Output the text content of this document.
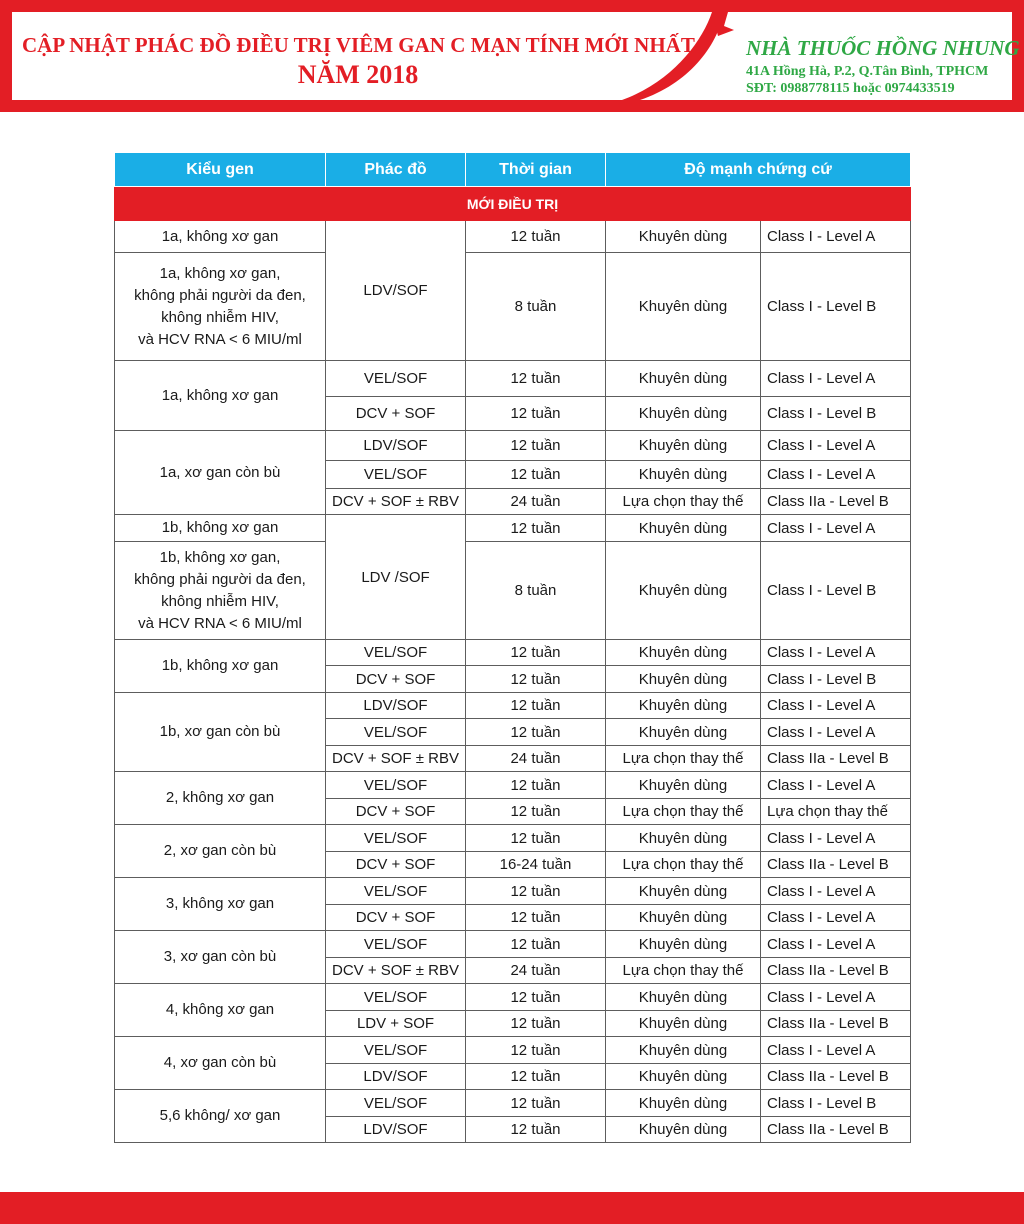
CẬP NHẬT PHÁC ĐỒ ĐIỀU TRỊ VIÊM GAN C MẠN TÍNH MỚI NHẤT
NĂM 2018
NHÀ THUỐC HỒNG NHUNG
41A Hồng Hà, P.2, Q.Tân Bình, TPHCM
SĐT: 0988778115 hoặc 0974433519
Kiểu gen	Phác đồ	Thời gian	Độ mạnh chứng cứ	
MỚI ĐIỀU TRỊ				
1a, không xơ gan	LDV/SOF	12 tuần	Khuyên dùng	Class I - Level A
1a, không xơ gan,
không phải người da đen,
không nhiễm HIV,
và HCV RNA < 6 MIU/ml		8 tuần	Khuyên dùng	Class I - Level B
1a, không xơ gan	VEL/SOF	12 tuần	Khuyên dùng	Class I - Level A
	DCV + SOF	12 tuần	Khuyên dùng	Class I - Level B
1a, xơ gan còn bù	LDV/SOF	12 tuần	Khuyên dùng	Class I - Level A
	VEL/SOF	12 tuần	Khuyên dùng	Class I - Level A
	DCV + SOF ± RBV	24 tuần	Lựa chọn thay thế	Class IIa - Level B
1b, không xơ gan	LDV /SOF	12 tuần	Khuyên dùng	Class I - Level A
1b, không xơ gan,
không phải người da đen,
không nhiễm HIV,
và HCV RNA < 6 MIU/ml		8 tuần	Khuyên dùng	Class I - Level B
1b, không xơ gan	VEL/SOF	12 tuần	Khuyên dùng	Class I - Level A
	DCV + SOF	12 tuần	Khuyên dùng	Class I - Level B
1b, xơ gan còn bù	LDV/SOF	12 tuần	Khuyên dùng	Class I - Level A
	VEL/SOF	12 tuần	Khuyên dùng	Class I - Level A
	DCV + SOF ± RBV	24 tuần	Lựa chọn thay thế	Class IIa - Level B
2, không xơ gan	VEL/SOF	12 tuần	Khuyên dùng	Class I - Level A
	DCV + SOF	12 tuần	Lựa chọn thay thế	Lựa chọn thay thế
2, xơ gan còn bù	VEL/SOF	12 tuần	Khuyên dùng	Class I - Level A
	DCV + SOF	16-24 tuần	Lựa chọn thay thế	Class IIa - Level B
3, không xơ gan	VEL/SOF	12 tuần	Khuyên dùng	Class I - Level A
	DCV + SOF	12 tuần	Khuyên dùng	Class I - Level A
3, xơ gan còn bù	VEL/SOF	12 tuần	Khuyên dùng	Class I - Level A
	DCV + SOF ± RBV	24 tuần	Lựa chọn thay thế	Class IIa - Level B
4, không xơ gan	VEL/SOF	12 tuần	Khuyên dùng	Class I - Level A
	LDV + SOF	12 tuần	Khuyên dùng	Class IIa - Level B
4, xơ gan còn bù	VEL/SOF	12 tuần	Khuyên dùng	Class I - Level A
	LDV/SOF	12 tuần	Khuyên dùng	Class IIa - Level B
5,6 không/ xơ gan	VEL/SOF	12 tuần	Khuyên dùng	Class I - Level B
	LDV/SOF	12 tuần	Khuyên dùng	Class IIa - Level B
